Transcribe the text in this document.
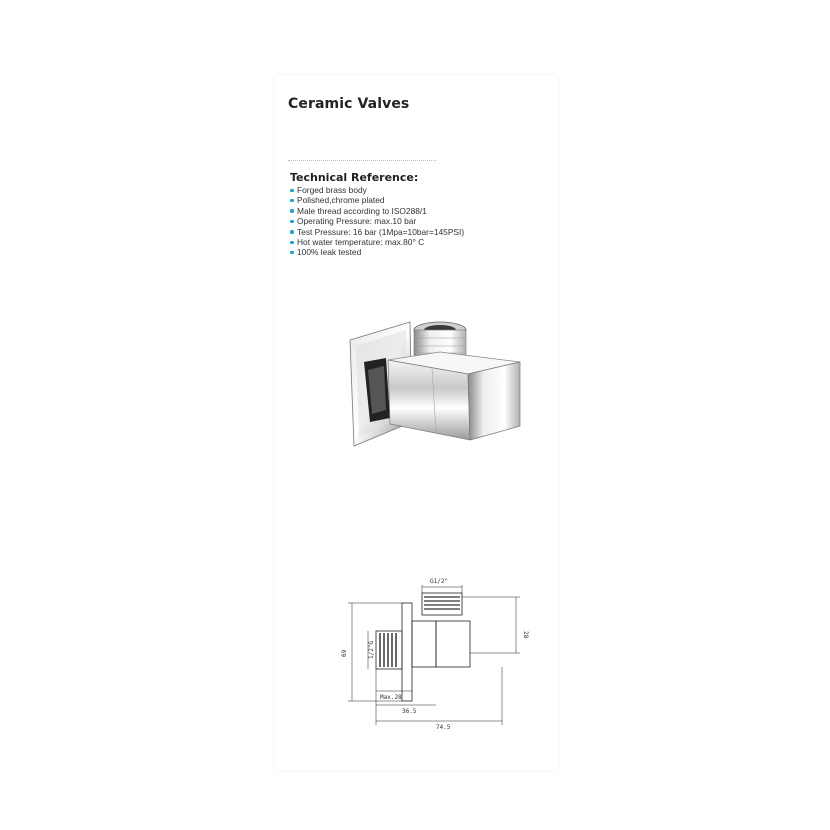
Ceramic Valves
Technical Reference:
Forged brass body
Polished,chrome plated
Male thread according to ISO288/1
Operating Pressure: max.10 bar
Test Pressure: 16 bar (1Mpa=10bar=145PSI)
Hot water temperature: max.80° C
100% leak tested
G1/2"
69	1/2"G
28
Max.28
36.5
74.5
